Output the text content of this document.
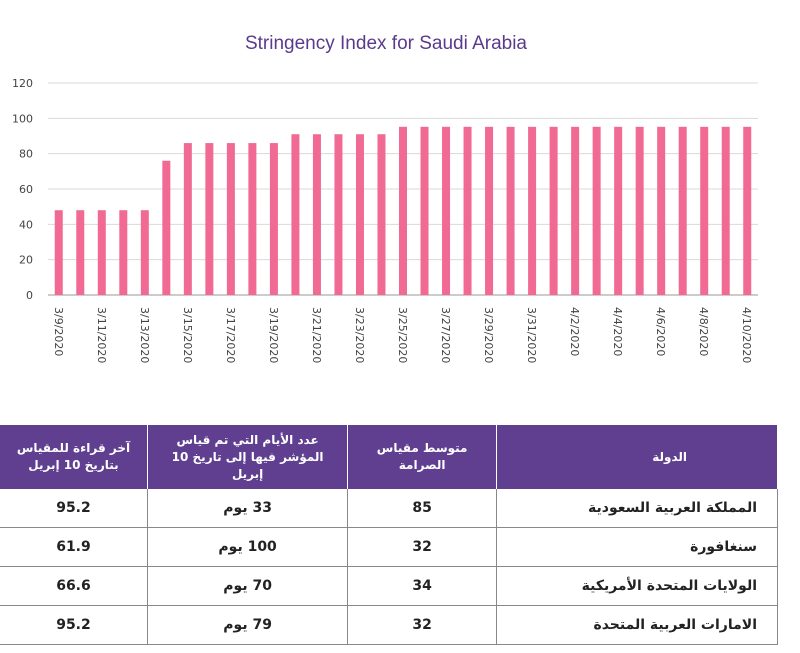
Stringency Index for Saudi Arabia
0
20
40
60
80
100
120
3/9/2020	3/11/2020	3/13/2020	3/15/2020	3/17/2020	3/19/2020	3/21/2020	3/23/2020	3/25/2020	3/27/2020	3/29/2020	3/31/2020	4/2/2020	4/4/2020	4/6/2020	4/8/2020	4/10/2020
آخر قراءة للمقياس بتاريخ 10 إبريل	عدد الأيام التي تم قياس المؤشر فيها إلى تاريخ 10 إبريل	متوسط مقياس الصرامة	الدولة
95.2	33 يوم	85	المملكة العربية السعودية
61.9	100 يوم	32	سنغافورة
66.6	70 يوم	34	الولايات المتحدة الأمريكية
95.2	79 يوم	32	الامارات العربية المتحدة
